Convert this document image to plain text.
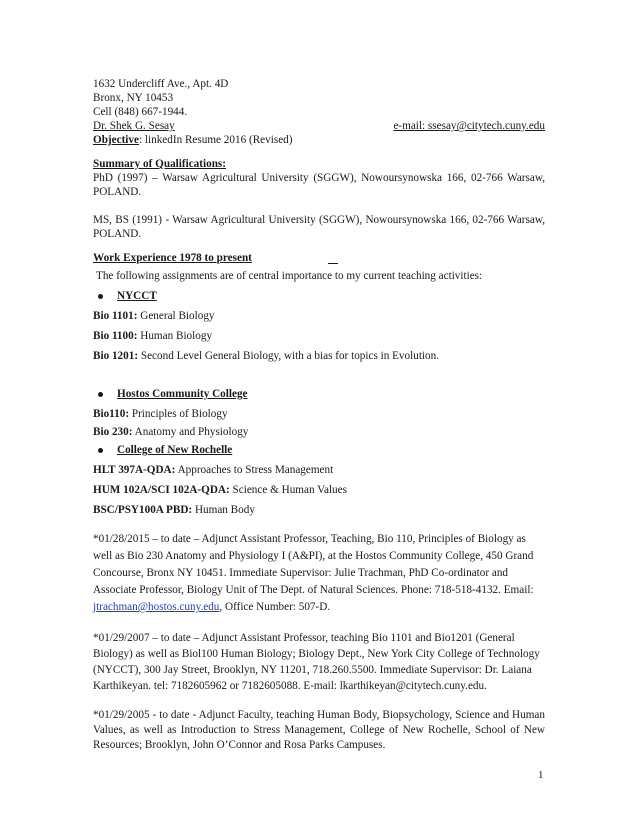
1632 Undercliff Ave., Apt. 4D
Bronx, NY 10453
Cell (848) 667-1944.
Dr. Shek G. Sesay	e-mail: ssesay@citytech.cuny.edu
Objective: linkedIn Resume 2016 (Revised)
Summary of Qualifications:
PhD (1997) – Warsaw Agricultural University (SGGW), Nowoursynowska 166, 02-766 Warsaw, POLAND.
MS, BS (1991) - Warsaw Agricultural University (SGGW), Nowoursynowska 166, 02-766 Warsaw, POLAND.
Work Experience 1978 to present
The following assignments are of central importance to my current teaching activities:
NYCCT
Bio 1101: General Biology
Bio 1100: Human Biology
Bio 1201: Second Level General Biology, with a bias for topics in Evolution.
Hostos Community College
Bio110: Principles of Biology
Bio 230: Anatomy and Physiology
College of New Rochelle
HLT 397A-QDA: Approaches to Stress Management
HUM 102A/SCI 102A-QDA: Science & Human Values
BSC/PSY100A PBD: Human Body
*01/28/2015 – to date – Adjunct Assistant Professor, Teaching, Bio 110, Principles of Biology as well as Bio 230 Anatomy and Physiology I (A&PI), at the Hostos Community College, 450 Grand Concourse, Bronx NY 10451. Immediate Supervisor: Julie Trachman, PhD Co-ordinator and Associate Professor, Biology Unit of The Dept. of Natural Sciences. Phone: 718-518-4132. Email: jtrachman@hostos.cuny.edu, Office Number: 507-D.
*01/29/2007 – to date – Adjunct Assistant Professor, teaching Bio 1101 and Bio1201 (General Biology) as well as Biol100 Human Biology; Biology Dept., New York City College of Technology (NYCCT), 300 Jay Street, Brooklyn, NY 11201, 718.260.5500. Immediate Supervisor: Dr. Laiana Karthikeyan. tel: 7182605962 or 7182605088. E-mail: lkarthikeyan@citytech.cuny.edu.
*01/29/2005 - to date - Adjunct Faculty, teaching Human Body, Biopsychology, Science and Human Values, as well as Introduction to Stress Management, College of New Rochelle, School of New Resources; Brooklyn, John O’Connor and Rosa Parks Campuses.
1
